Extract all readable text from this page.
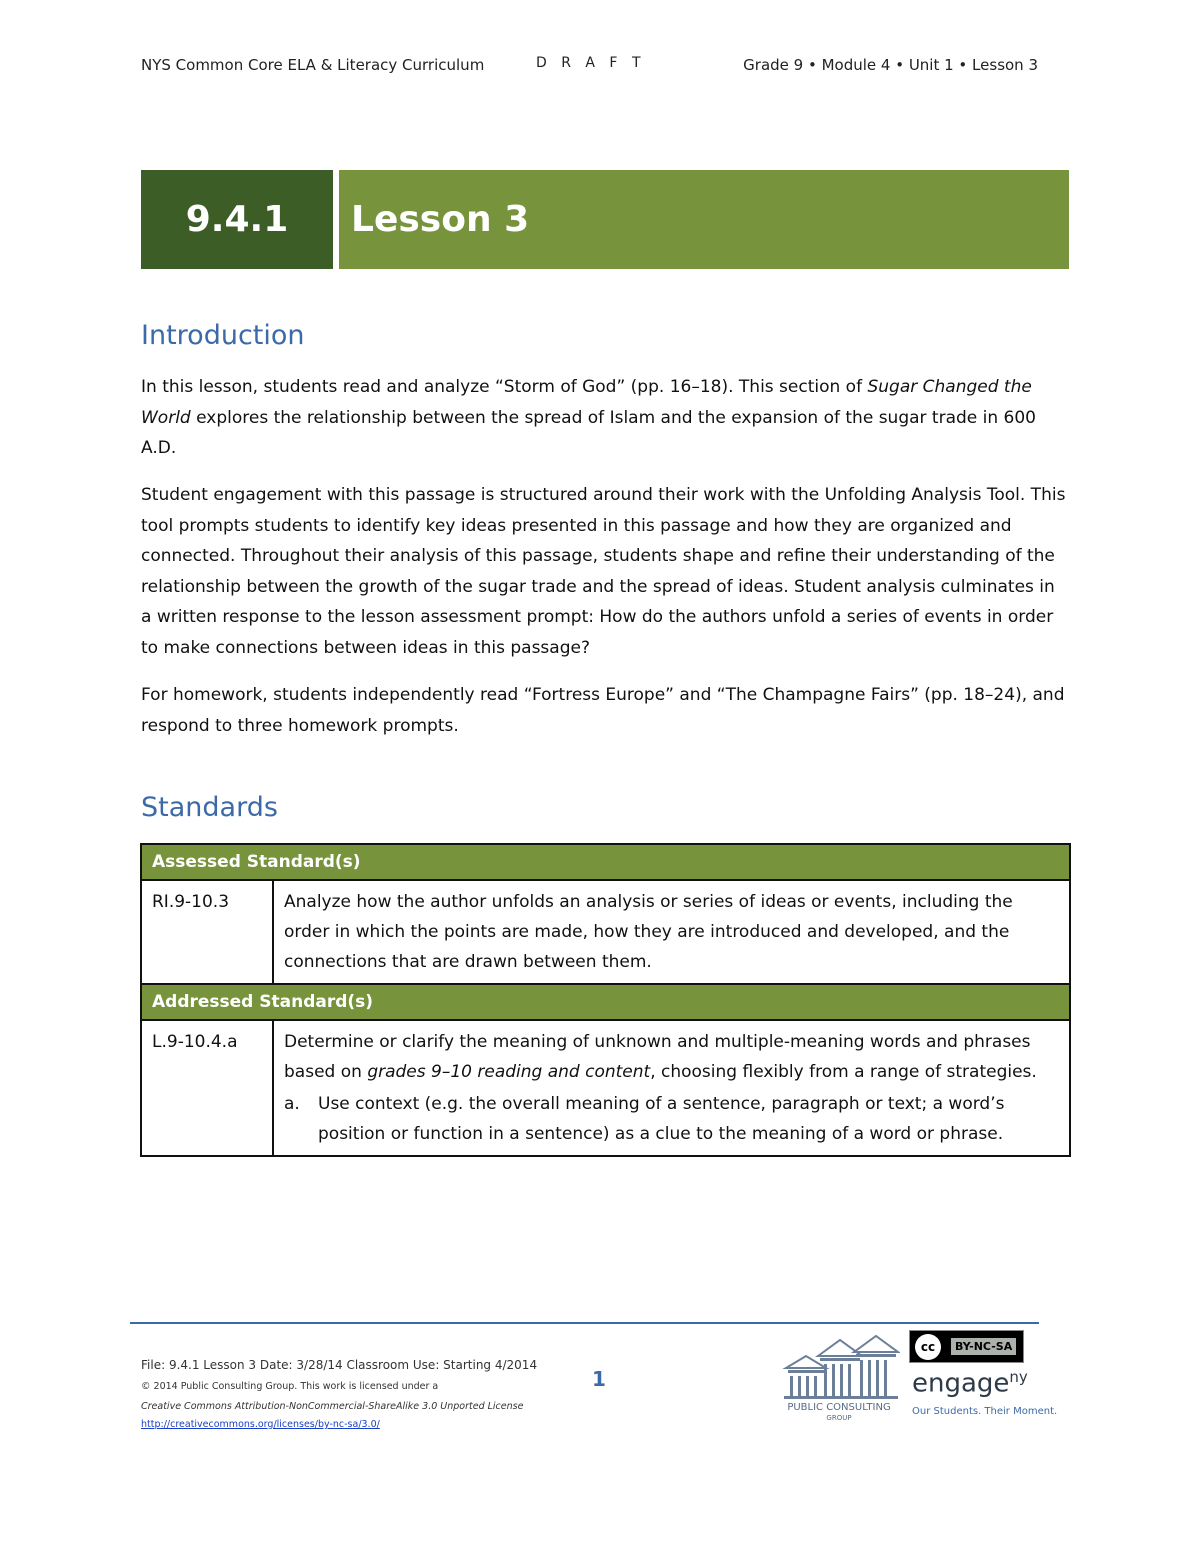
NYS Common Core ELA & Literacy Curriculum	D R A F T	Grade 9 • Module 4 • Unit 1 • Lesson 3
9.4.1	Lesson 3
Introduction

In this lesson, students read and analyze “Storm of God” (pp. 16–18). This section of Sugar Changed the World explores the relationship between the spread of Islam and the expansion of the sugar trade in 600 A.D.

Student engagement with this passage is structured around their work with the Unfolding Analysis Tool. This tool prompts students to identify key ideas presented in this passage and how they are organized and connected. Throughout their analysis of this passage, students shape and refine their understanding of the relationship between the growth of the sugar trade and the spread of ideas. Student analysis culminates in a written response to the lesson assessment prompt: How do the authors unfold a series of events in order to make connections between ideas in this passage?

For homework, students independently read “Fortress Europe” and “The Champagne Fairs” (pp. 18–24), and respond to three homework prompts.

Standards
Assessed Standard(s)	
RI.9-10.3	Analyze how the author unfolds an analysis or series of ideas or events, including the order in which the points are made, how they are introduced and developed, and the connections that are drawn between them.
Addressed Standard(s)	
L.9-10.4.a	Determine or clarify the meaning of unknown and multiple-meaning words and phrases based on grades 9–10 reading and content, choosing flexibly from a range of strategies.
a. Use context (e.g. the overall meaning of a sentence, paragraph or text; a word’s position or function in a sentence) as a clue to the meaning of a word or phrase.
File: 9.4.1 Lesson 3 Date: 3/28/14 Classroom Use: Starting 4/2014
© 2014 Public Consulting Group. This work is licensed under a
Creative Commons Attribution-NonCommercial-ShareAlike 3.0 Unported License
http://creativecommons.org/licenses/by-nc-sa/3.0/
1
PUBLIC CONSULTING
GROUP
cc	BY-NC-SA
engage$^{ny}$
Our Students. Their Moment.
